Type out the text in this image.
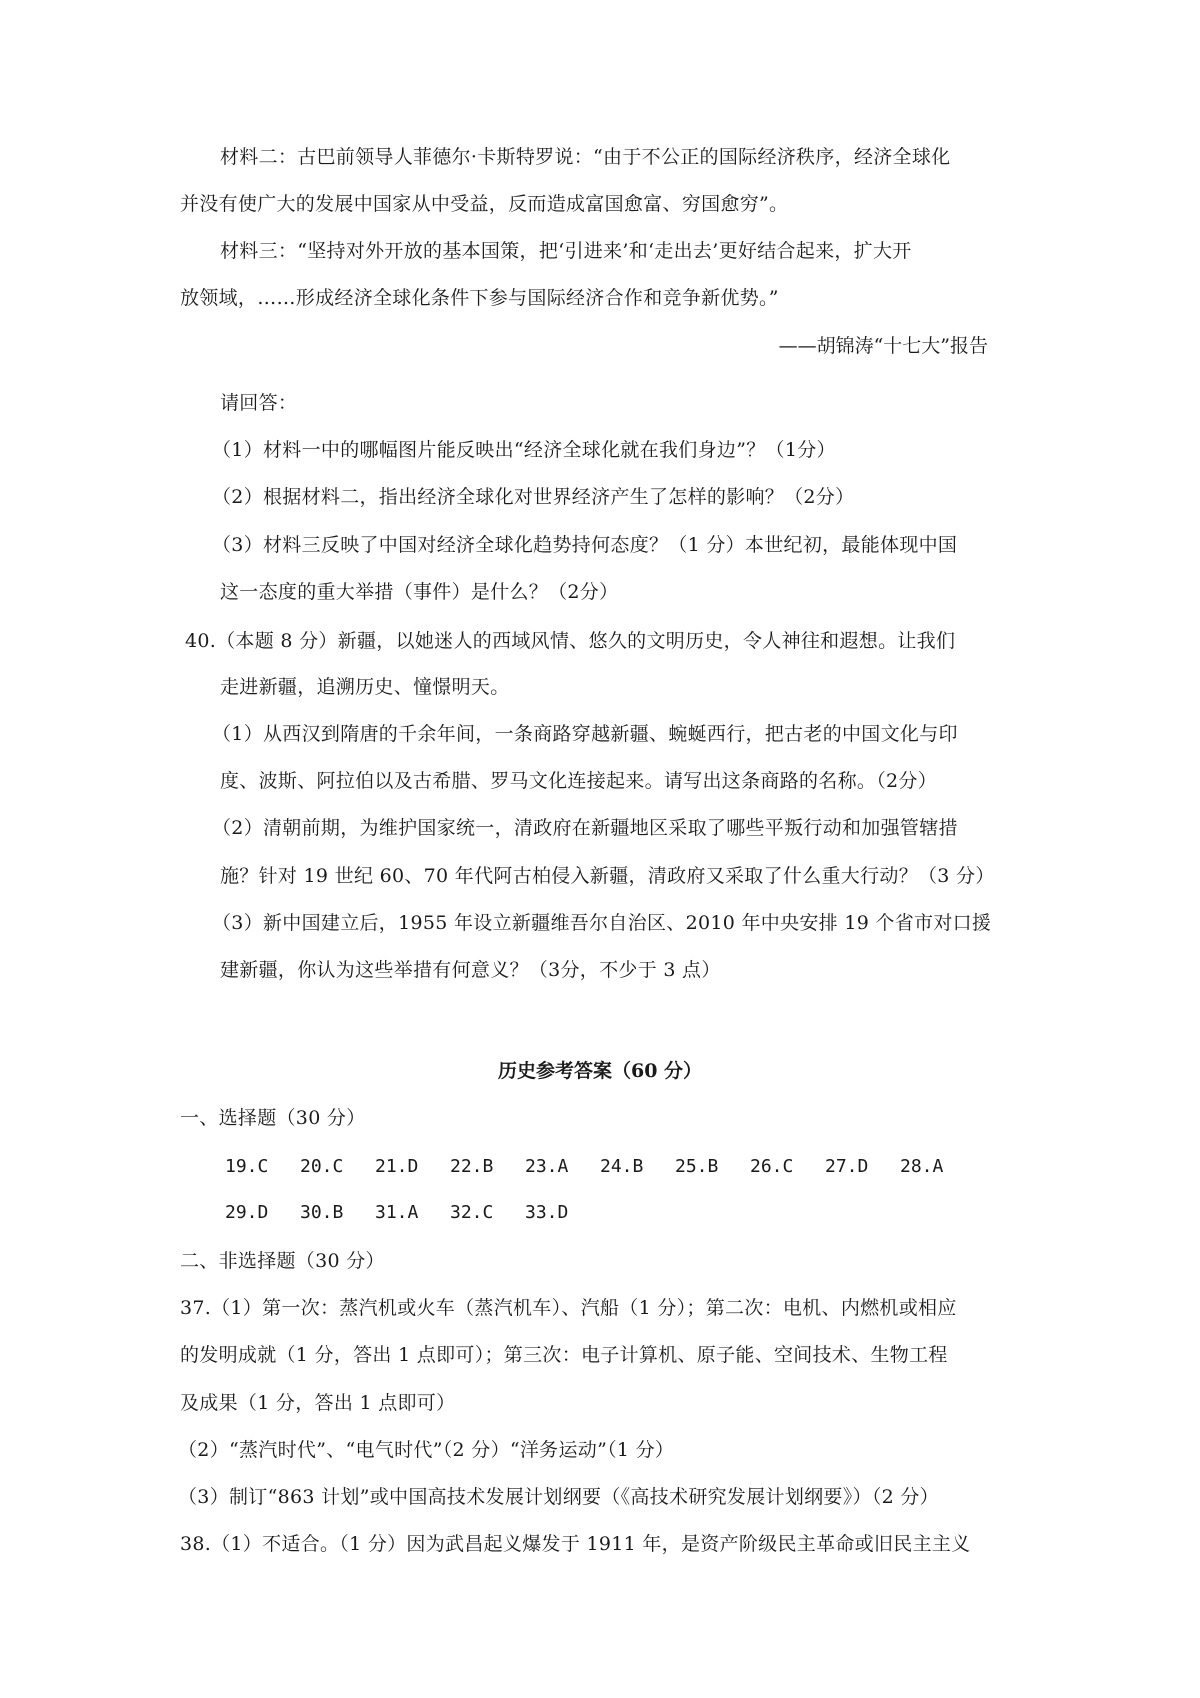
材料二：古巴前领导人菲德尔·卡斯特罗说：“由于不公正的国际经济秩序，经济全球化
并没有使广大的发展中国家从中受益，反而造成富国愈富、穷国愈穷”。
材料三：“坚持对外开放的基本国策，把‘引进来’和‘走出去’更好结合起来，扩大开
放领域，……形成经济全球化条件下参与国际经济合作和竞争新优势。”
——胡锦涛“十七大”报告
请回答：
（1）材料一中的哪幅图片能反映出“经济全球化就在我们身边”？（1分）
（2）根据材料二，指出经济全球化对世界经济产生了怎样的影响？（2分）
（3）材料三反映了中国对经济全球化趋势持何态度？（1 分）本世纪初，最能体现中国
这一态度的重大举措（事件）是什么？（2分）
40.（本题 8 分）新疆，以她迷人的西域风情、悠久的文明历史，令人神往和遐想。让我们
走进新疆，追溯历史、憧憬明天。
（1）从西汉到隋唐的千余年间，一条商路穿越新疆、蜿蜒西行，把古老的中国文化与印
度、波斯、阿拉伯以及古希腊、罗马文化连接起来。请写出这条商路的名称。（2分）
（2）清朝前期，为维护国家统一，清政府在新疆地区采取了哪些平叛行动和加强管辖措
施？针对 19 世纪 60、70 年代阿古柏侵入新疆，清政府又采取了什么重大行动？（3 分）
（3）新中国建立后，1955 年设立新疆维吾尔自治区、2010 年中央安排 19 个省市对口援
建新疆，你认为这些举措有何意义？（3分，不少于 3 点）
历史参考答案（60 分）
一、选择题（30 分）
19.C 20.C 21.D 22.B 23.A 24.B 25.B 26.C 27.D 28.A
29.D 30.B 31.A 32.C 33.D
二、非选择题（30 分）
37.（1）第一次：蒸汽机或火车（蒸汽机车）、汽船（1 分）；第二次：电机、内燃机或相应
的发明成就（1 分，答出 1 点即可）；第三次：电子计算机、原子能、空间技术、生物工程
及成果（1 分，答出 1 点即可）
（2）“蒸汽时代”、“电气时代”（2 分）“洋务运动”（1 分）
（3）制订“863 计划”或中国高技术发展计划纲要（《高技术研究发展计划纲要》）（2 分）
38.（1）不适合。（1 分）因为武昌起义爆发于 1911 年，是资产阶级民主革命或旧民主主义
